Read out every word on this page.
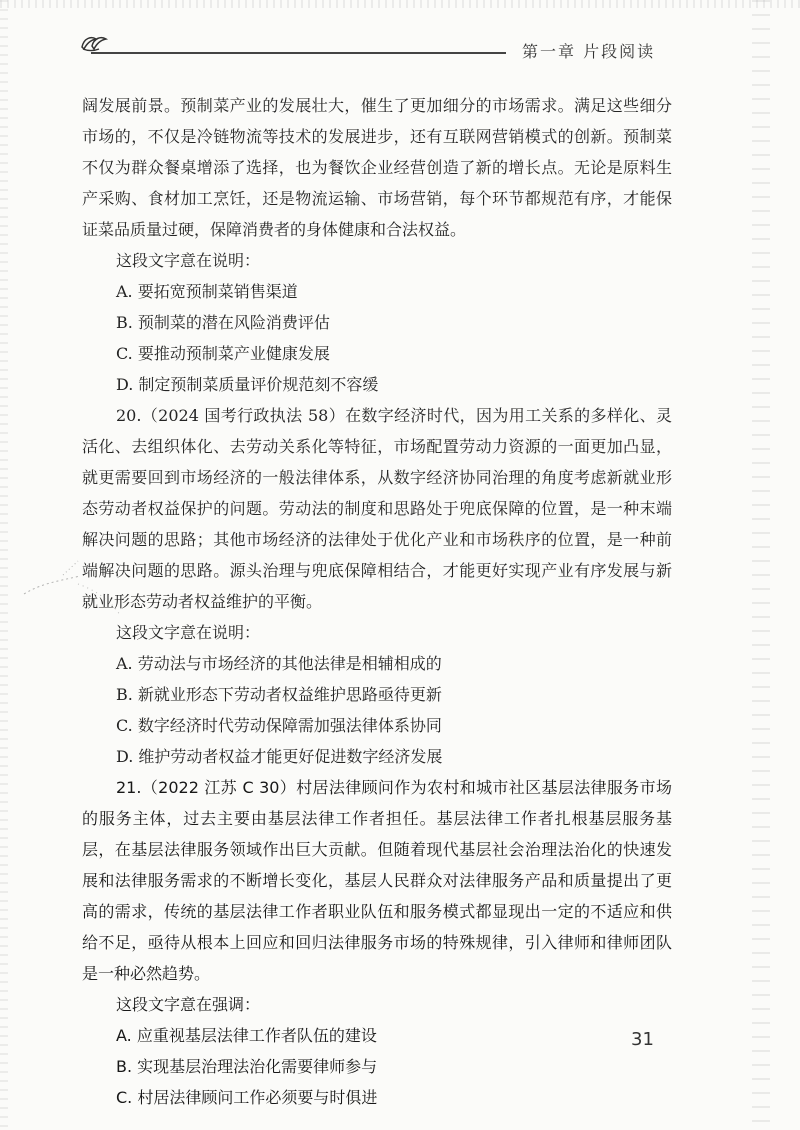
第一章 片段阅读

阔发展前景。预制菜产业的发展壮大，催生了更加细分的市场需求。满足这些细分市场的，不仅是冷链物流等技术的发展进步，还有互联网营销模式的创新。预制菜不仅为群众餐桌增添了选择，也为餐饮企业经营创造了新的增长点。无论是原料生产采购、食材加工烹饪，还是物流运输、市场营销，每个环节都规范有序，才能保证菜品质量过硬，保障消费者的身体健康和合法权益。

这段文字意在说明：

A. 要拓宽预制菜销售渠道

B. 预制菜的潜在风险消费评估

C. 要推动预制菜产业健康发展

D. 制定预制菜质量评价规范刻不容缓

20.（2024 国考行政执法 58）在数字经济时代，因为用工关系的多样化、灵活化、去组织体化、去劳动关系化等特征，市场配置劳动力资源的一面更加凸显，就更需要回到市场经济的一般法律体系，从数字经济协同治理的角度考虑新就业形态劳动者权益保护的问题。劳动法的制度和思路处于兜底保障的位置，是一种末端解决问题的思路；其他市场经济的法律处于优化产业和市场秩序的位置，是一种前端解决问题的思路。源头治理与兜底保障相结合，才能更好实现产业有序发展与新就业形态劳动者权益维护的平衡。

这段文字意在说明：

A. 劳动法与市场经济的其他法律是相辅相成的

B. 新就业形态下劳动者权益维护思路亟待更新

C. 数字经济时代劳动保障需加强法律体系协同

D. 维护劳动者权益才能更好促进数字经济发展

21.（2022 江苏 C 30）村居法律顾问作为农村和城市社区基层法律服务市场的服务主体，过去主要由基层法律工作者担任。基层法律工作者扎根基层服务基层，在基层法律服务领域作出巨大贡献。但随着现代基层社会治理法治化的快速发展和法律服务需求的不断增长变化，基层人民群众对法律服务产品和质量提出了更高的需求，传统的基层法律工作者职业队伍和服务模式都显现出一定的不适应和供给不足，亟待从根本上回应和回归法律服务市场的特殊规律，引入律师和律师团队是一种必然趋势。

这段文字意在强调：

A. 应重视基层法律工作者队伍的建设

B. 实现基层治理法治化需要律师参与

C. 村居法律顾问工作必须要与时俱进

31
